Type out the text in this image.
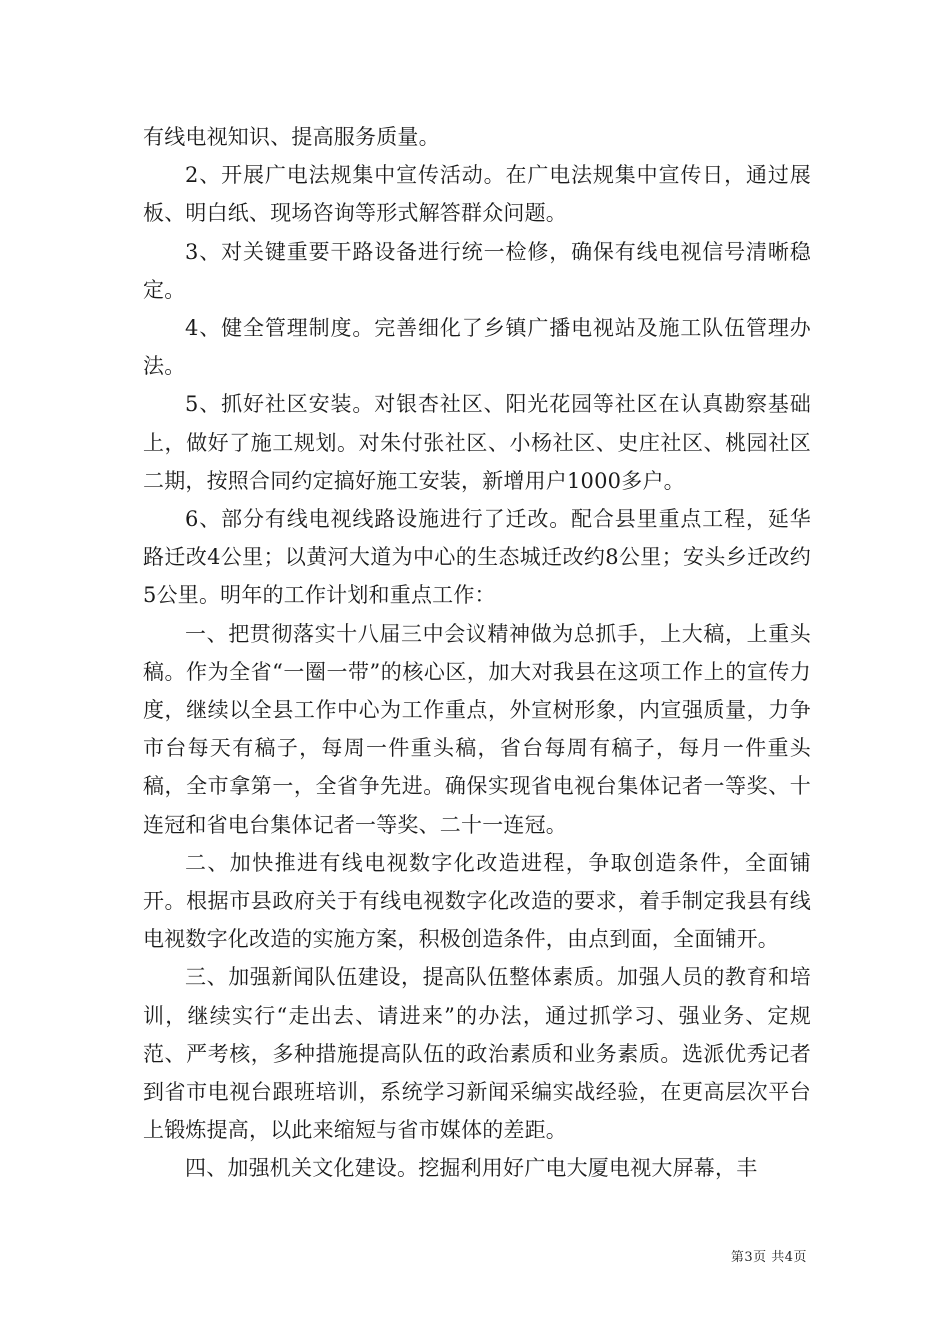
有线电视知识、提高服务质量。

2、开展广电法规集中宣传活动。在广电法规集中宣传日，通过展板、明白纸、现场咨询等形式解答群众问题。

3、对关键重要干路设备进行统一检修，确保有线电视信号清晰稳定。

4、健全管理制度。完善细化了乡镇广播电视站及施工队伍管理办法。

5、抓好社区安装。对银杏社区、阳光花园等社区在认真勘察基础上，做好了施工规划。对朱付张社区、小杨社区、史庄社区、桃园社区二期，按照合同约定搞好施工安装，新增用户1000多户。

6、部分有线电视线路设施进行了迁改。配合县里重点工程，延华路迁改4公里；以黄河大道为中心的生态城迁改约8公里；安头乡迁改约5公里。明年的工作计划和重点工作：

一、把贯彻落实十八届三中会议精神做为总抓手，上大稿，上重头稿。作为全省“一圈一带”的核心区，加大对我县在这项工作上的宣传力度，继续以全县工作中心为工作重点，外宣树形象，内宣强质量，力争市台每天有稿子，每周一件重头稿，省台每周有稿子，每月一件重头稿，全市拿第一，全省争先进。确保实现省电视台集体记者一等奖、十连冠和省电台集体记者一等奖、二十一连冠。

二、加快推进有线电视数字化改造进程，争取创造条件，全面铺开。根据市县政府关于有线电视数字化改造的要求，着手制定我县有线电视数字化改造的实施方案，积极创造条件，由点到面，全面铺开。

三、加强新闻队伍建设，提高队伍整体素质。加强人员的教育和培训，继续实行“走出去、请进来”的办法，通过抓学习、强业务、定规范、严考核，多种措施提高队伍的政治素质和业务素质。选派优秀记者到省市电视台跟班培训，系统学习新闻采编实战经验，在更高层次平台上锻炼提高，以此来缩短与省市媒体的差距。

四、加强机关文化建设。挖掘利用好广电大厦电视大屏幕，丰

第3页 共4页
